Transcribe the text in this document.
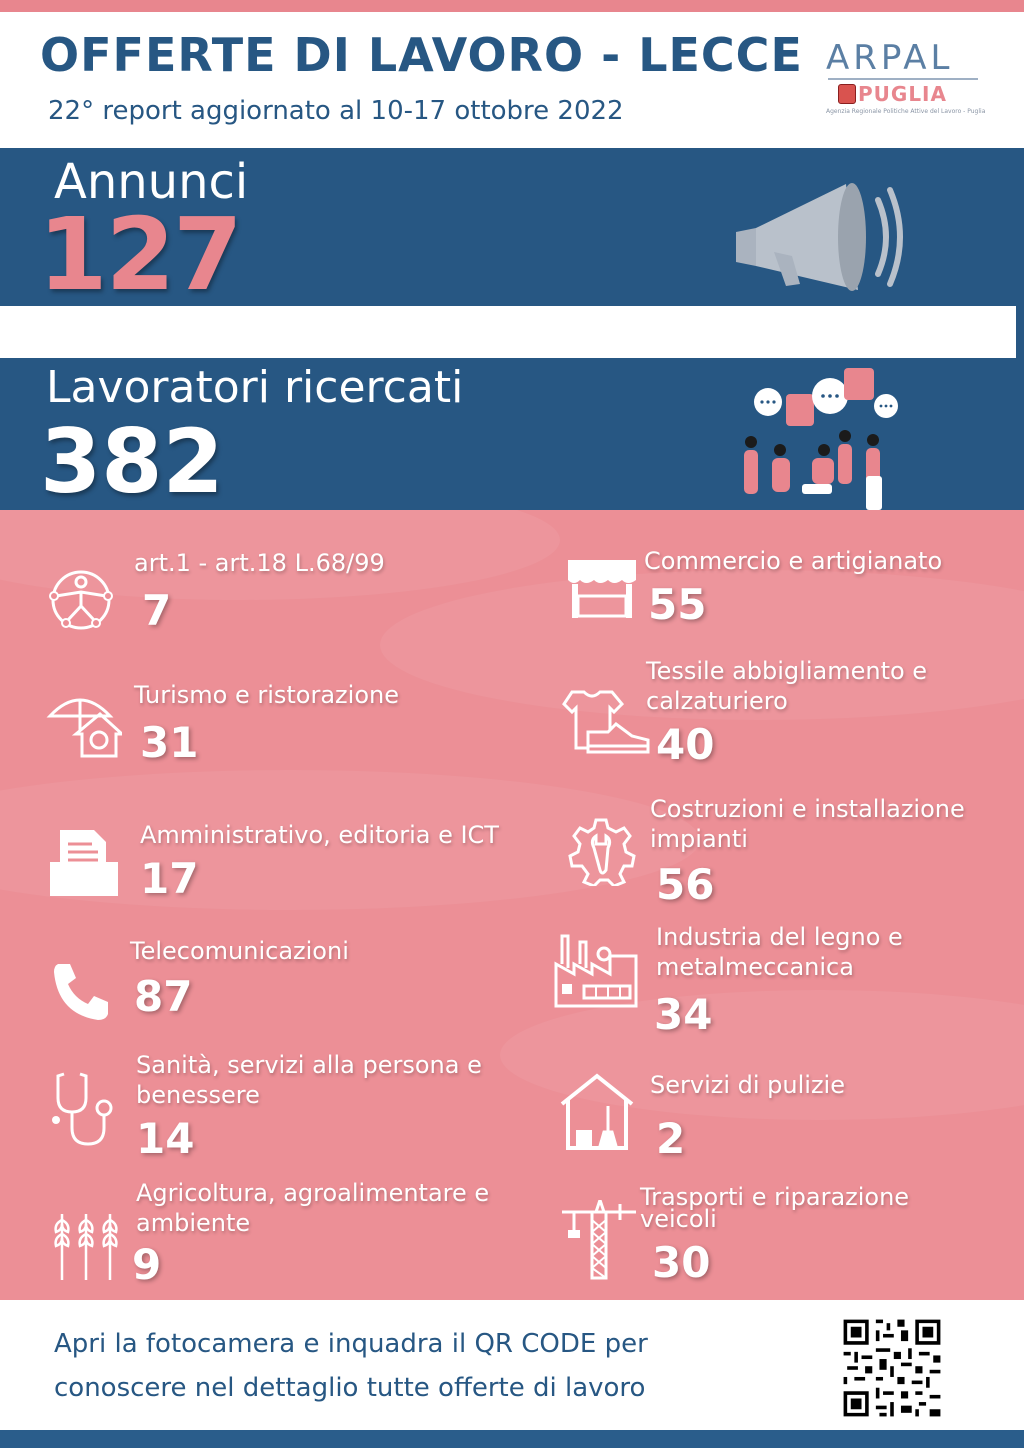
OFFERTE DI LAVORO - LECCE
22° report aggiornato al 10-17 ottobre 2022
ARPAL
PUGLIA
Agenzia Regionale Politiche Attive del Lavoro - Puglia
Annunci
127
Lavoratori ricercati
382
art.1 - art.18 L.68/99
7
Turismo e ristorazione
31
Amministrativo, editoria e ICT
17
Telecomunicazioni
87
Sanità, servizi alla persona e benessere
14
Agricoltura, agroalimentare e ambiente
9
Commercio e artigianato
55
Tessile abbigliamento e calzaturiero
40
Costruzioni e installazione impianti
56
Industria del legno e metalmeccanica
34
Servizi di pulizie
2
Trasporti e riparazione veicoli
30
Apri la fotocamera e inquadra il QR CODE per conoscere nel dettaglio tutte offerte di lavoro
